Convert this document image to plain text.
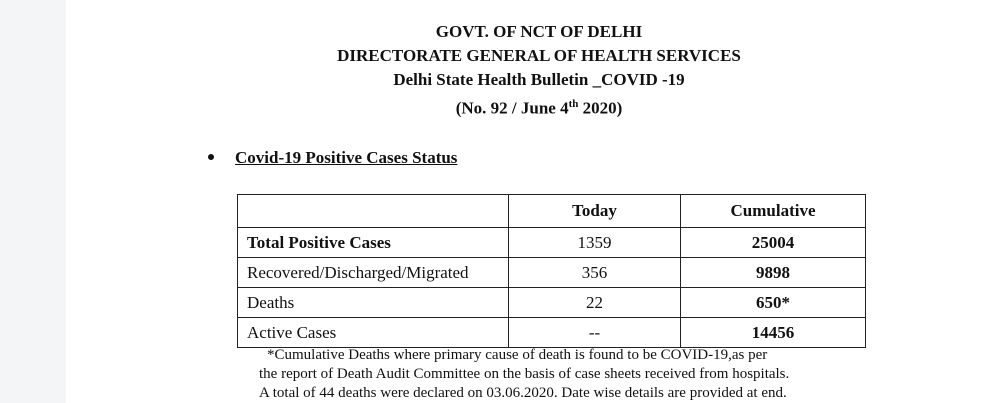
GOVT. OF NCT OF DELHI
DIRECTORATE GENERAL OF HEALTH SERVICES
Delhi State Health Bulletin _COVID -19
(No. 92 / June 4th 2020)
Covid-19 Positive Cases Status
	Today	Cumulative
Total Positive Cases	1359	25004
Recovered/Discharged/Migrated	356	9898
Deaths	22	650*
Active Cases	--	14456
*Cumulative Deaths where primary cause of death is found to be COVID-19,as per
the report of Death Audit Committee on the basis of case sheets received from hospitals.
A total of 44 deaths were declared on 03.06.2020. Date wise details are provided at end.
